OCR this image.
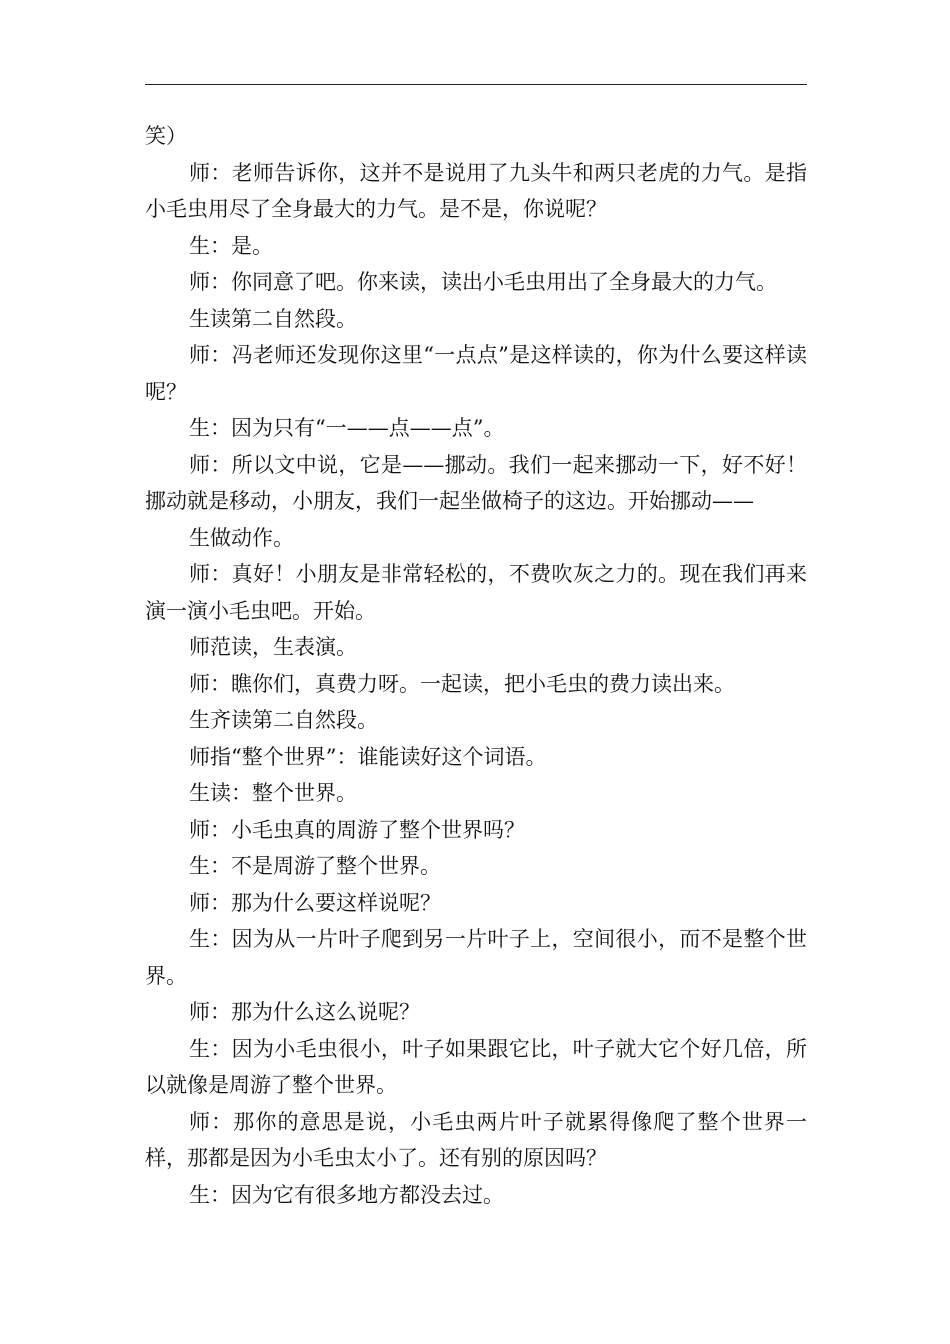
笑）

师：老师告诉你，这并不是说用了九头牛和两只老虎的力气。是指小毛虫用尽了全身最大的力气。是不是，你说呢？

生：是。

师：你同意了吧。你来读，读出小毛虫用出了全身最大的力气。

生读第二自然段。

师：冯老师还发现你这里“一点点”是这样读的，你为什么要这样读呢？

生：因为只有“一——点——点”。

师：所以文中说，它是——挪动。我们一起来挪动一下，好不好！挪动就是移动，小朋友，我们一起坐做椅子的这边。开始挪动——

生做动作。

师：真好！小朋友是非常轻松的，不费吹灰之力的。现在我们再来演一演小毛虫吧。开始。

师范读，生表演。

师：瞧你们，真费力呀。一起读，把小毛虫的费力读出来。

生齐读第二自然段。

师指“整个世界”：谁能读好这个词语。

生读：整个世界。

师：小毛虫真的周游了整个世界吗？

生：不是周游了整个世界。

师：那为什么要这样说呢？

生：因为从一片叶子爬到另一片叶子上，空间很小，而不是整个世界。

师：那为什么这么说呢？

生：因为小毛虫很小，叶子如果跟它比，叶子就大它个好几倍，所以就像是周游了整个世界。

师：那你的意思是说，小毛虫两片叶子就累得像爬了整个世界一样，那都是因为小毛虫太小了。还有别的原因吗？

生：因为它有很多地方都没去过。
